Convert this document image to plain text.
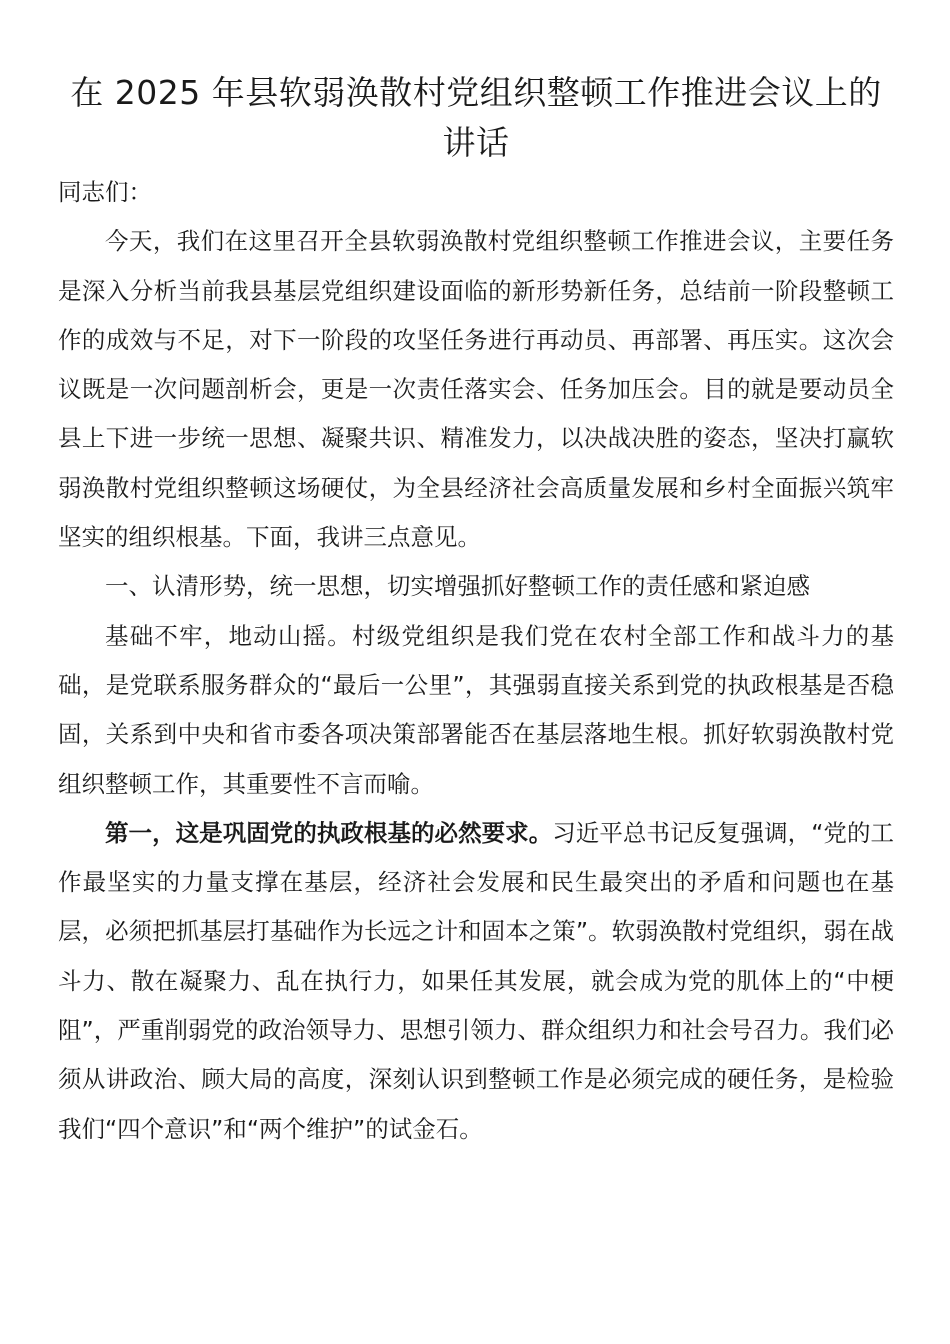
在 2025 年县软弱涣散村党组织整顿工作推进会议上的讲话

同志们：

今天，我们在这里召开全县软弱涣散村党组织整顿工作推进会议，主要任务是深入分析当前我县基层党组织建设面临的新形势新任务，总结前一阶段整顿工作的成效与不足，对下一阶段的攻坚任务进行再动员、再部署、再压实。这次会议既是一次问题剖析会，更是一次责任落实会、任务加压会。目的就是要动员全县上下进一步统一思想、凝聚共识、精准发力，以决战决胜的姿态，坚决打赢软弱涣散村党组织整顿这场硬仗，为全县经济社会高质量发展和乡村全面振兴筑牢坚实的组织根基。下面，我讲三点意见。

一、认清形势，统一思想，切实增强抓好整顿工作的责任感和紧迫感

基础不牢，地动山摇。村级党组织是我们党在农村全部工作和战斗力的基础，是党联系服务群众的“最后一公里”，其强弱直接关系到党的执政根基是否稳固，关系到中央和省市委各项决策部署能否在基层落地生根。抓好软弱涣散村党组织整顿工作，其重要性不言而喻。

第一，这是巩固党的执政根基的必然要求。习近平总书记反复强调，“党的工作最坚实的力量支撑在基层，经济社会发展和民生最突出的矛盾和问题也在基层，必须把抓基层打基础作为长远之计和固本之策”。软弱涣散村党组织，弱在战斗力、散在凝聚力、乱在执行力，如果任其发展，就会成为党的肌体上的“中梗阻”，严重削弱党的政治领导力、思想引领力、群众组织力和社会号召力。我们必须从讲政治、顾大局的高度，深刻认识到整顿工作是必须完成的硬任务，是检验我们“四个意识”和“两个维护”的试金石。
